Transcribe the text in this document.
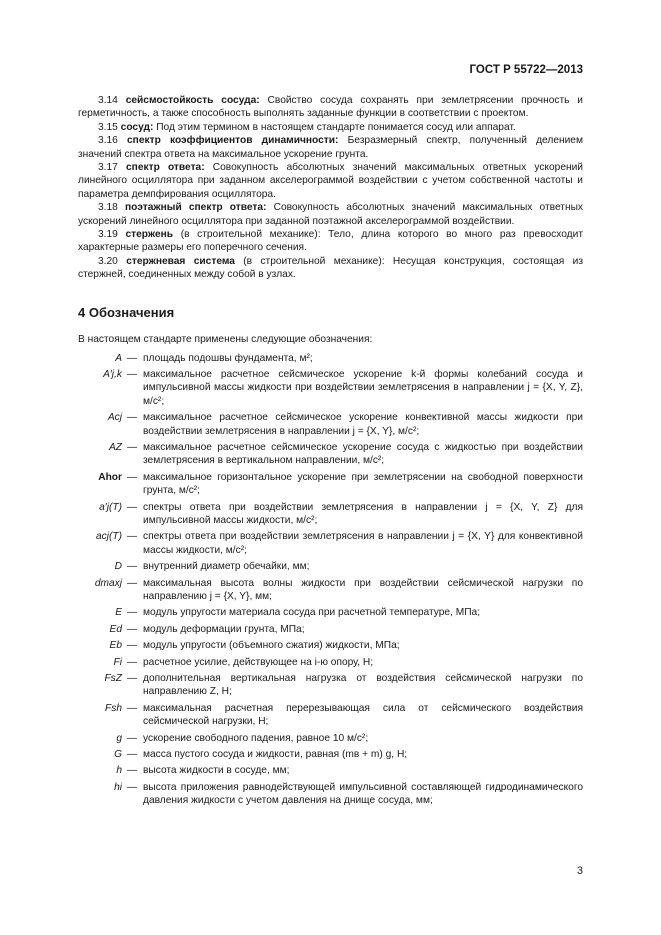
ГОСТ Р 55722—2013

3.14 сейсмостойкость сосуда: Свойство сосуда сохранять при землетрясении прочность и герметичность, а также способность выполнять заданные функции в соответствии с проектом.

3.15 сосуд: Под этим термином в настоящем стандарте понимается сосуд или аппарат.

3.16 спектр коэффициентов динамичности: Безразмерный спектр, полученный делением значений спектра ответа на максимальное ускорение грунта.

3.17 спектр ответа: Совокупность абсолютных значений максимальных ответных ускорений линейного осциллятора при заданном акселерограммой воздействии с учетом собственной частоты и параметра демпфирования осциллятора.

3.18 поэтажный спектр ответа: Совокупность абсолютных значений максимальных ответных ускорений линейного осциллятора при заданной поэтажной акселерограммой воздействии.

3.19 стержень (в строительной механике): Тело, длина которого во много раз превосходит характерные размеры его поперечного сечения.

3.20 стержневая система (в строительной механике): Несущая конструкция, состоящая из стержней, соединенных между собой в узлах.

4 Обозначения

В настоящем стандарте применены следующие обозначения:

A — площадь подошвы фундамента, м²;
A′j,k — максимальное расчетное сейсмическое ускорение k-й формы колебаний сосуда и импульсивной массы жидкости при воздействии землетрясения в направлении j = {X, Y, Z}, м/с²;
Acj — максимальное расчетное сейсмическое ускорение конвективной массы жидкости при воздействии землетрясения в направлении j = {X, Y}, м/с²;
AZ — максимальное расчетное сейсмическое ускорение сосуда с жидкостью при воздействии землетрясения в вертикальном направлении, м/с²;
Ahor — максимальное горизонтальное ускорение при землетрясении на свободной поверхности грунта, м/с²;
a′j(T) — спектры ответа при воздействии землетрясения в направлении j = {X, Y, Z} для импульсивной массы жидкости, м/с²;
acj(T) — спектры ответа при воздействии землетрясения в направлении j = {X, Y} для конвективной массы жидкости, м/с²;
D — внутренний диаметр обечайки, мм;
dmaxj — максимальная высота волны жидкости при воздействии сейсмической нагрузки по направлению j = {X, Y}, мм;
E — модуль упругости материала сосуда при расчетной температуре, МПа;
Ed — модуль деформации грунта, МПа;
Eb — модуль упругости (объемного сжатия) жидкости, МПа;
Fi — расчетное усилие, действующее на i-ю опору, Н;
FsZ — дополнительная вертикальная нагрузка от воздействия сейсмической нагрузки по направлению Z, Н;
Fsh — максимальная расчетная перерезывающая сила от сейсмического воздействия сейсмической нагрузки, Н;
g — ускорение свободного падения, равное 10 м/с²;
G — масса пустого сосуда и жидкости, равная (mв + m) g, Н;
h — высота жидкости в сосуде, мм;
hi — высота приложения равнодействующей импульсивной составляющей гидродинамического давления жидкости с учетом давления на днище сосуда, мм;
3
